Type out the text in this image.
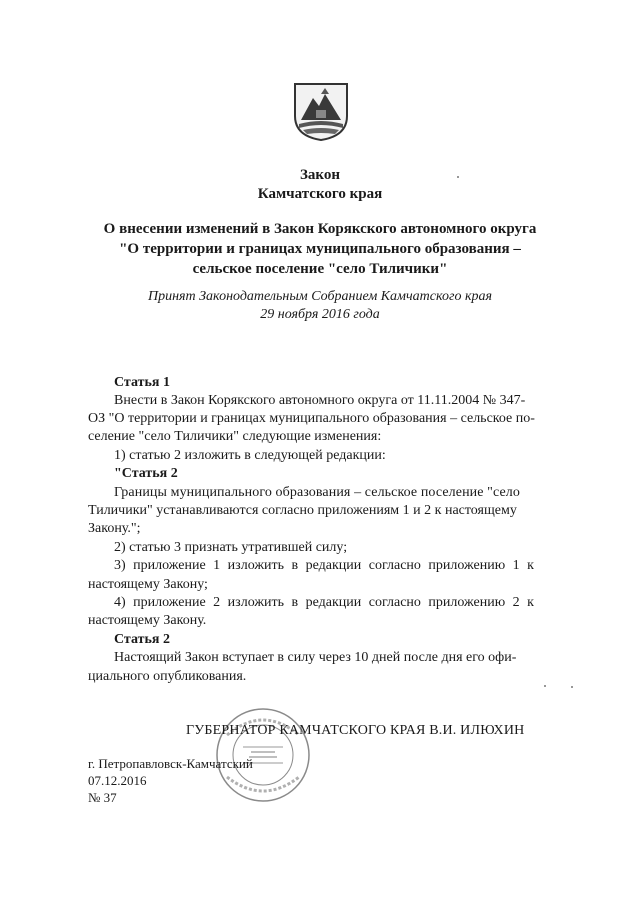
Закон
Камчатского края
О внесении изменений в Закон Корякского автономного округа
"О территории и границах муниципального образования –
сельское поселение "село Тиличики"
Принят Законодательным Собранием Камчатского края
29 ноября 2016 года
Статья 1
Внести в Закон Корякского автономного округа от 11.11.2004 № 347-
ОЗ "О территории и границах муниципального образования – сельское по-
селение "село Тиличики" следующие изменения:
1) статью 2 изложить в следующей редакции:
"Статья 2
Границы муниципального образования – сельское поселение "село
Тиличики" устанавливаются согласно приложениям 1 и 2 к настоящему
Закону.";
2) статью 3 признать утратившей силу;
3) приложение 1 изложить в редакции согласно приложению 1 к
настоящему Закону;
4) приложение 2 изложить в редакции согласно приложению 2 к
настоящему Закону.
Статья 2
Настоящий Закон вступает в силу через 10 дней после дня его офи-
циального опубликования.
ГУБЕРНАТОР КАМЧАТСКОГО КРАЯ В.И. ИЛЮХИН
г. Петропавловск-Камчатский
07.12.2016
№ 37
